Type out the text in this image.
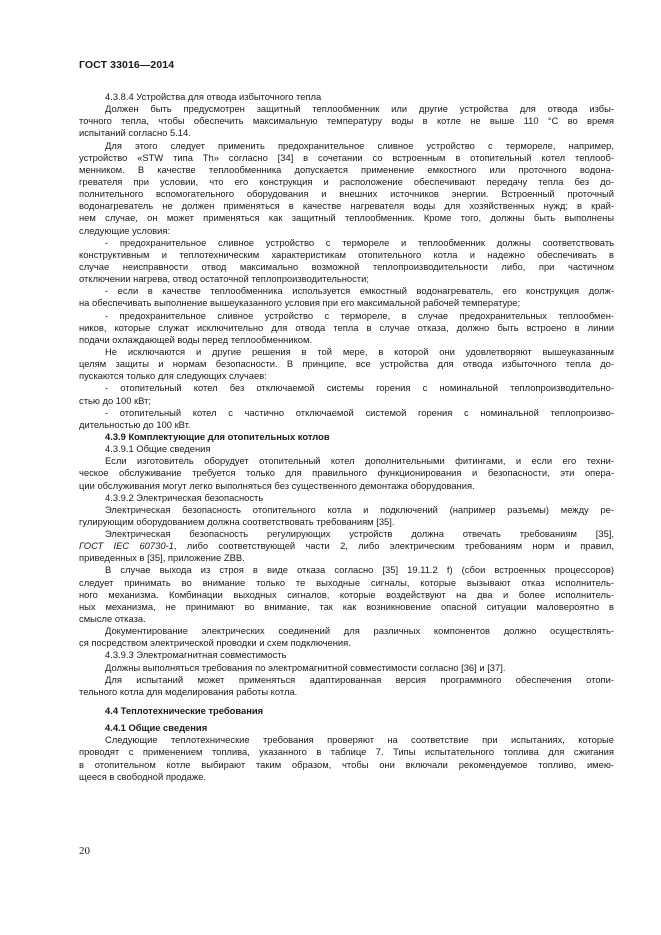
ГОСТ 33016—2014
4.3.8.4 Устройства для отвода избыточного тепла
Должен быть предусмотрен защитный теплообменник или другие устройства для отвода избы-
точного тепла, чтобы обеспечить максимальную температуру воды в котле не выше 110 °С во время
испытаний согласно 5.14.
Для этого следует применить предохранительное сливное устройство с термореле, например,
устройство «STW типа Th» согласно [34] в сочетании со встроенным в отопительный котел теплооб-
менником. В качестве теплообменника допускается применение емкостного или проточного водона-
гревателя при условии, что его конструкция и расположение обеспечивают передачу тепла без до-
полнительного вспомогательного оборудования и внешних источников энергии. Встроенный проточный
водонагреватель не должен применяться в качестве нагревателя воды для хозяйственных нужд; в край-
нем случае, он может применяться как защитный теплообменник. Кроме того, должны быть выполнены
следующие условия:
- предохранительное сливное устройство с термореле и теплообменник должны соответствовать
конструктивным и теплотехническим характеристикам отопительного котла и надежно обеспечивать в
случае неисправности отвод максимально возможной теплопроизводительности либо, при частичном
отключении нагрева, отвод остаточной теплопроизводительности;
- если в качестве теплообменника используется емкостный водонагреватель, его конструкция долж-
на обеспечивать выполнение вышеуказанного условия при его максимальной рабочей температуре;
- предохранительное сливное устройство с термореле, в случае предохранительных теплообмен-
ников, которые служат исключительно для отвода тепла в случае отказа, должно быть встроено в линии
подачи охлаждающей воды перед теплообменником.
Не исключаются и другие решения в той мере, в которой они удовлетворяют вышеуказанным
целям защиты и нормам безопасности. В принципе, все устройства для отвода избыточного тепла до-
пускаются только для следующих случаев:
- отопительный котел без отключаемой системы горения с номинальной теплопроизводительно-
стью до 100 кВт;
- отопительный котел с частично отключаемой системой горения с номинальной теплопроизво-
дительностью до 100 кВт.
4.3.9 Комплектующие для отопительных котлов
4.3.9.1 Общие сведения
Если изготовитель оборудует отопительный котел дополнительными фитингами, и если его техни-
ческое обслуживание требуется только для правильного функционирования и безопасности, эти опера-
ции обслуживания могут легко выполняться без существенного демонтажа оборудования.
4.3.9.2 Электрическая безопасность
Электрическая безопасность отопительного котла и подключений (например разъемы) между ре-
гулирующим оборудованием должна соответствовать требованиям [35].
Электрическая безопасность регулирующих устройств должна отвечать требованиям [35],
ГОСТ IEC 60730-1, либо соответствующей части 2, либо электрическим требованиям норм и правил,
приведенных в [35], приложение ZBB.
В случае выхода из строя в виде отказа согласно [35] 19.11.2 f) (сбои встроенных процессоров)
следует принимать во внимание только те выходные сигналы, которые вызывают отказ исполнитель-
ного механизма. Комбинации выходных сигналов, которые воздействуют на два и более исполнитель-
ных механизма, не принимают во внимание, так как возникновение опасной ситуации маловероятно в
смысле отказа.
Документирование электрических соединений для различных компонентов должно осуществлять-
ся посредством электрической проводки и схем подключения.
4.3.9.3 Электромагнитная совместимость
Должны выполняться требования по электромагнитной совместимости согласно [36] и [37].
Для испытаний может применяться адаптированная версия программного обеспечения отопи-
тельного котла для моделирования работы котла.
4.4 Теплотехнические требования
4.4.1 Общие сведения
Следующие теплотехнические требования проверяют на соответствие при испытаниях, которые
проводят с применением топлива, указанного в таблице 7. Типы испытательного топлива для сжигания
в отопительном котле выбирают таким образом, чтобы они включали рекомендуемое топливо, имею-
щееся в свободной продаже.
20
